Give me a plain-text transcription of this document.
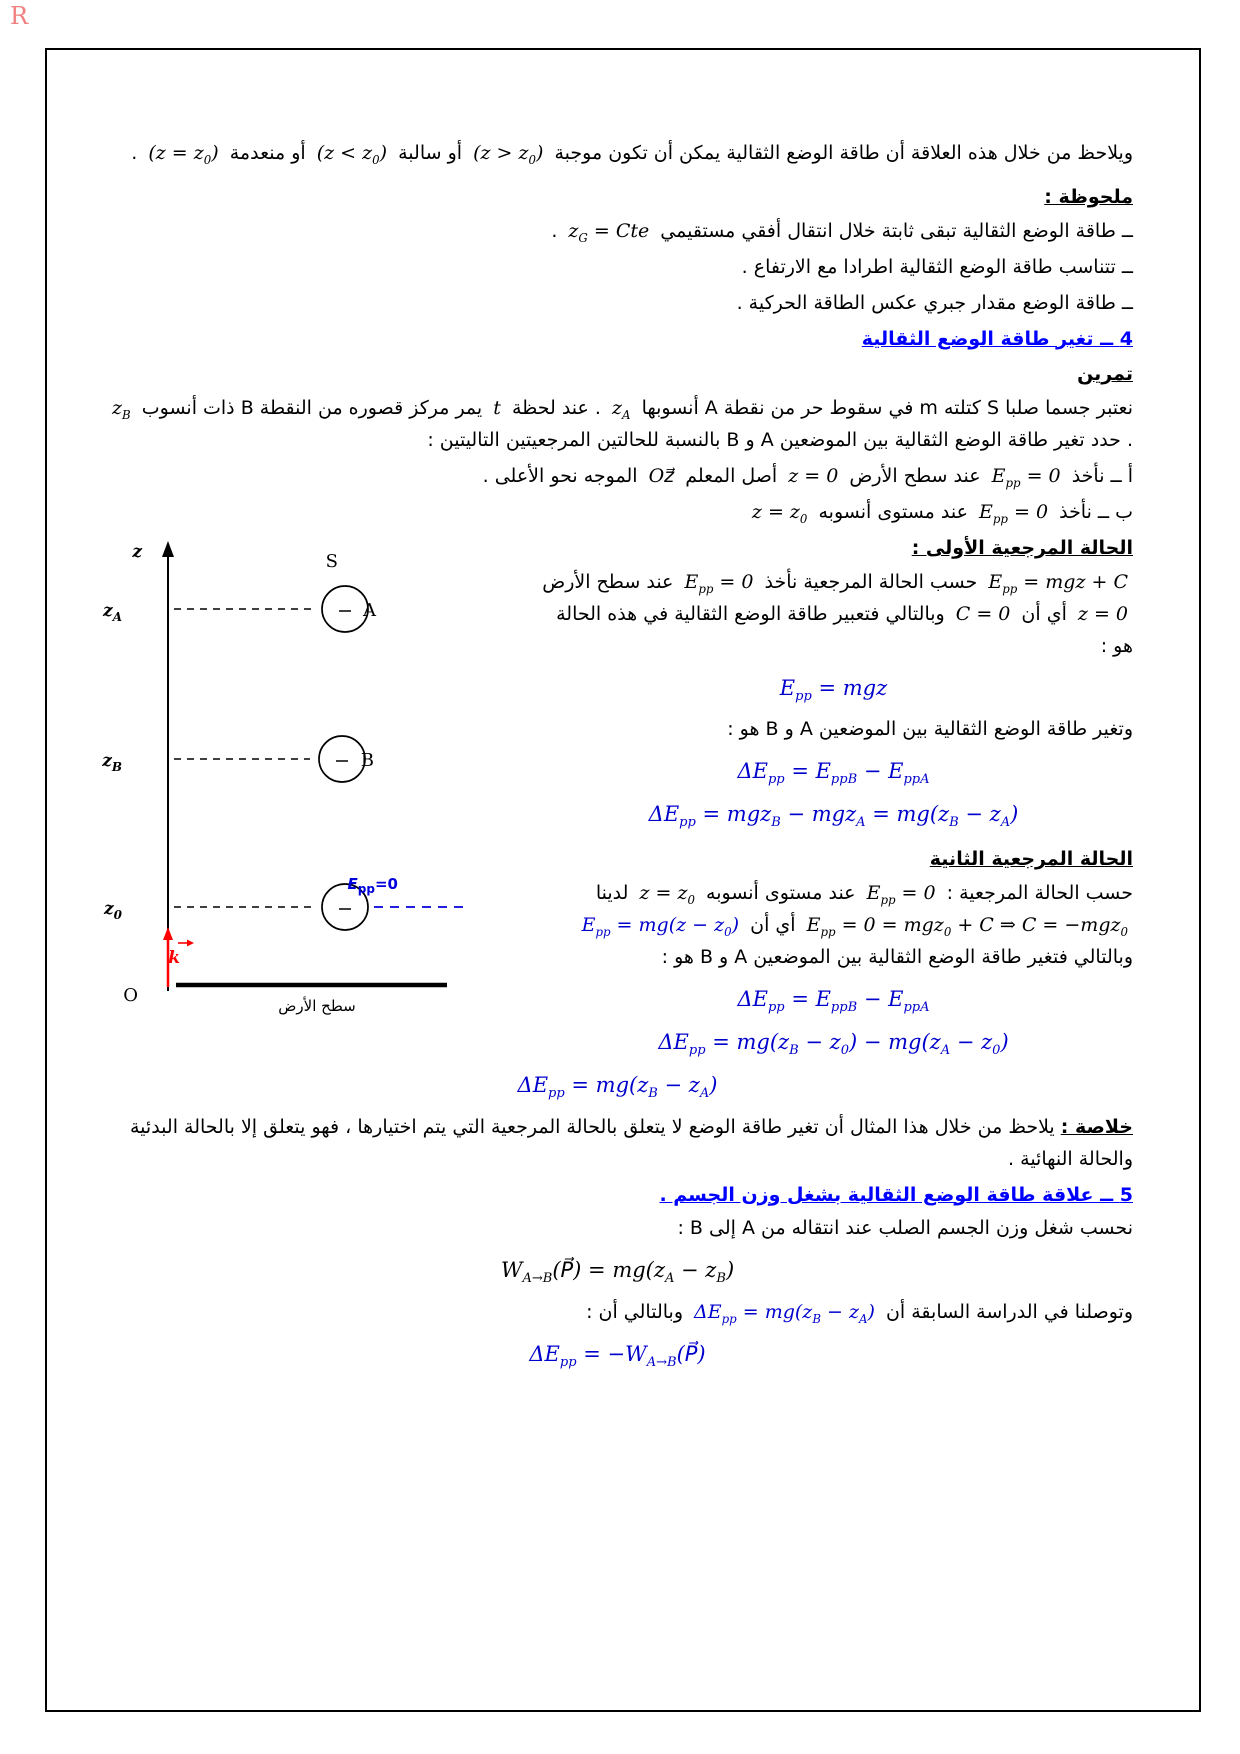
R

ويلاحظ من خلال هذه العلاقة أن طاقة الوضع الثقالية يمكن أن تكون موجبة $(z > z_0)$ أو سالبة $(z < z_0)$ أو منعدمة $(z = z_0)$ .

ملحوظة :

ــ طاقة الوضع الثقالية تبقى ثابتة خلال انتقال أفقي مستقيمي $z_G$ = Cte .

ــ تتناسب طاقة الوضع الثقالية اطرادا مع الارتفاع .

ــ طاقة الوضع مقدار جبري عكس الطاقة الحركية .

4 ــ تغير طاقة الوضع الثقالية

تمرين

نعتبر جسما صلبا S كتلته m في سقوط حر من نقطة A أنسوبها $z_A$ . عند لحظة t يمر مركز قصوره من النقطة B ذات أنسوب $z_B$ . حدد تغير طاقة الوضع الثقالية بين الموضعين A و B بالنسبة للحالتين المرجعيتين التاليتين :

أ ــ نأخذ $E_{pp} = 0$ عند سطح الأرض z = 0 أصل المعلم Oz⃗ الموجه نحو الأعلى .

ب ــ نأخذ $E_{pp} = 0$ عند مستوى أنسوبه $z = z_0$

z
$z_A$	A
S
$z_B$	B
$z_0$
$E_{pp}=0$
k
O	سطح الأرض

الحالة المرجعية الأولى :

$E_{pp}$ = mgz + C حسب الحالة المرجعية نأخذ $E_{pp} = 0$ عند سطح الأرض z = 0 أي أن C = 0 وبالتالي فتعبير طاقة الوضع الثقالية في هذه الحالة هو :

$E_{pp}$ = mgz

وتغير طاقة الوضع الثقالية بين الموضعين A و B هو :

$\Delta E_{pp} = E_{ppB} - E_{ppA}$
$\Delta E_{pp} = mgz_B - mgz_A = mg(z_B - z_A)$

الحالة المرجعية الثانية

حسب الحالة المرجعية : $E_{pp} = 0$ عند مستوى أنسوبه $z = z_0$ لدينا $E_{pp} = 0 = mgz_0 + C$ ⇒ C = −mgz$_0$ أي أن $E_{pp} = mg(z - z_0)$ وبالتالي فتغير طاقة الوضع الثقالية بين الموضعين A و B هو :

$\Delta E_{pp} = E_{ppB} - E_{ppA}$
$\Delta E_{pp} = mg(z_B - z_0) - mg(z_A - z_0)$
$\Delta E_{pp} = mg(z_B - z_A)$

خلاصة : يلاحظ من خلال هذا المثال أن تغير طاقة الوضع لا يتعلق بالحالة المرجعية التي يتم اختيارها ، فهو يتعلق إلا بالحالة البدئية والحالة النهائية .

5 ــ علاقة طاقة الوضع الثقالية بشغل وزن الجسم .

نحسب شغل وزن الجسم الصلب عند انتقاله من A إلى B :

$W_{A\to B}(P⃗) = mg(z_A - z_B)$

وتوصلنا في الدراسة السابقة أن $\Delta E_{pp} = mg(z_B - z_A)$ وبالتالي أن :

$\Delta E_{pp}$ = $-W_{A\to B}(P⃗)$
